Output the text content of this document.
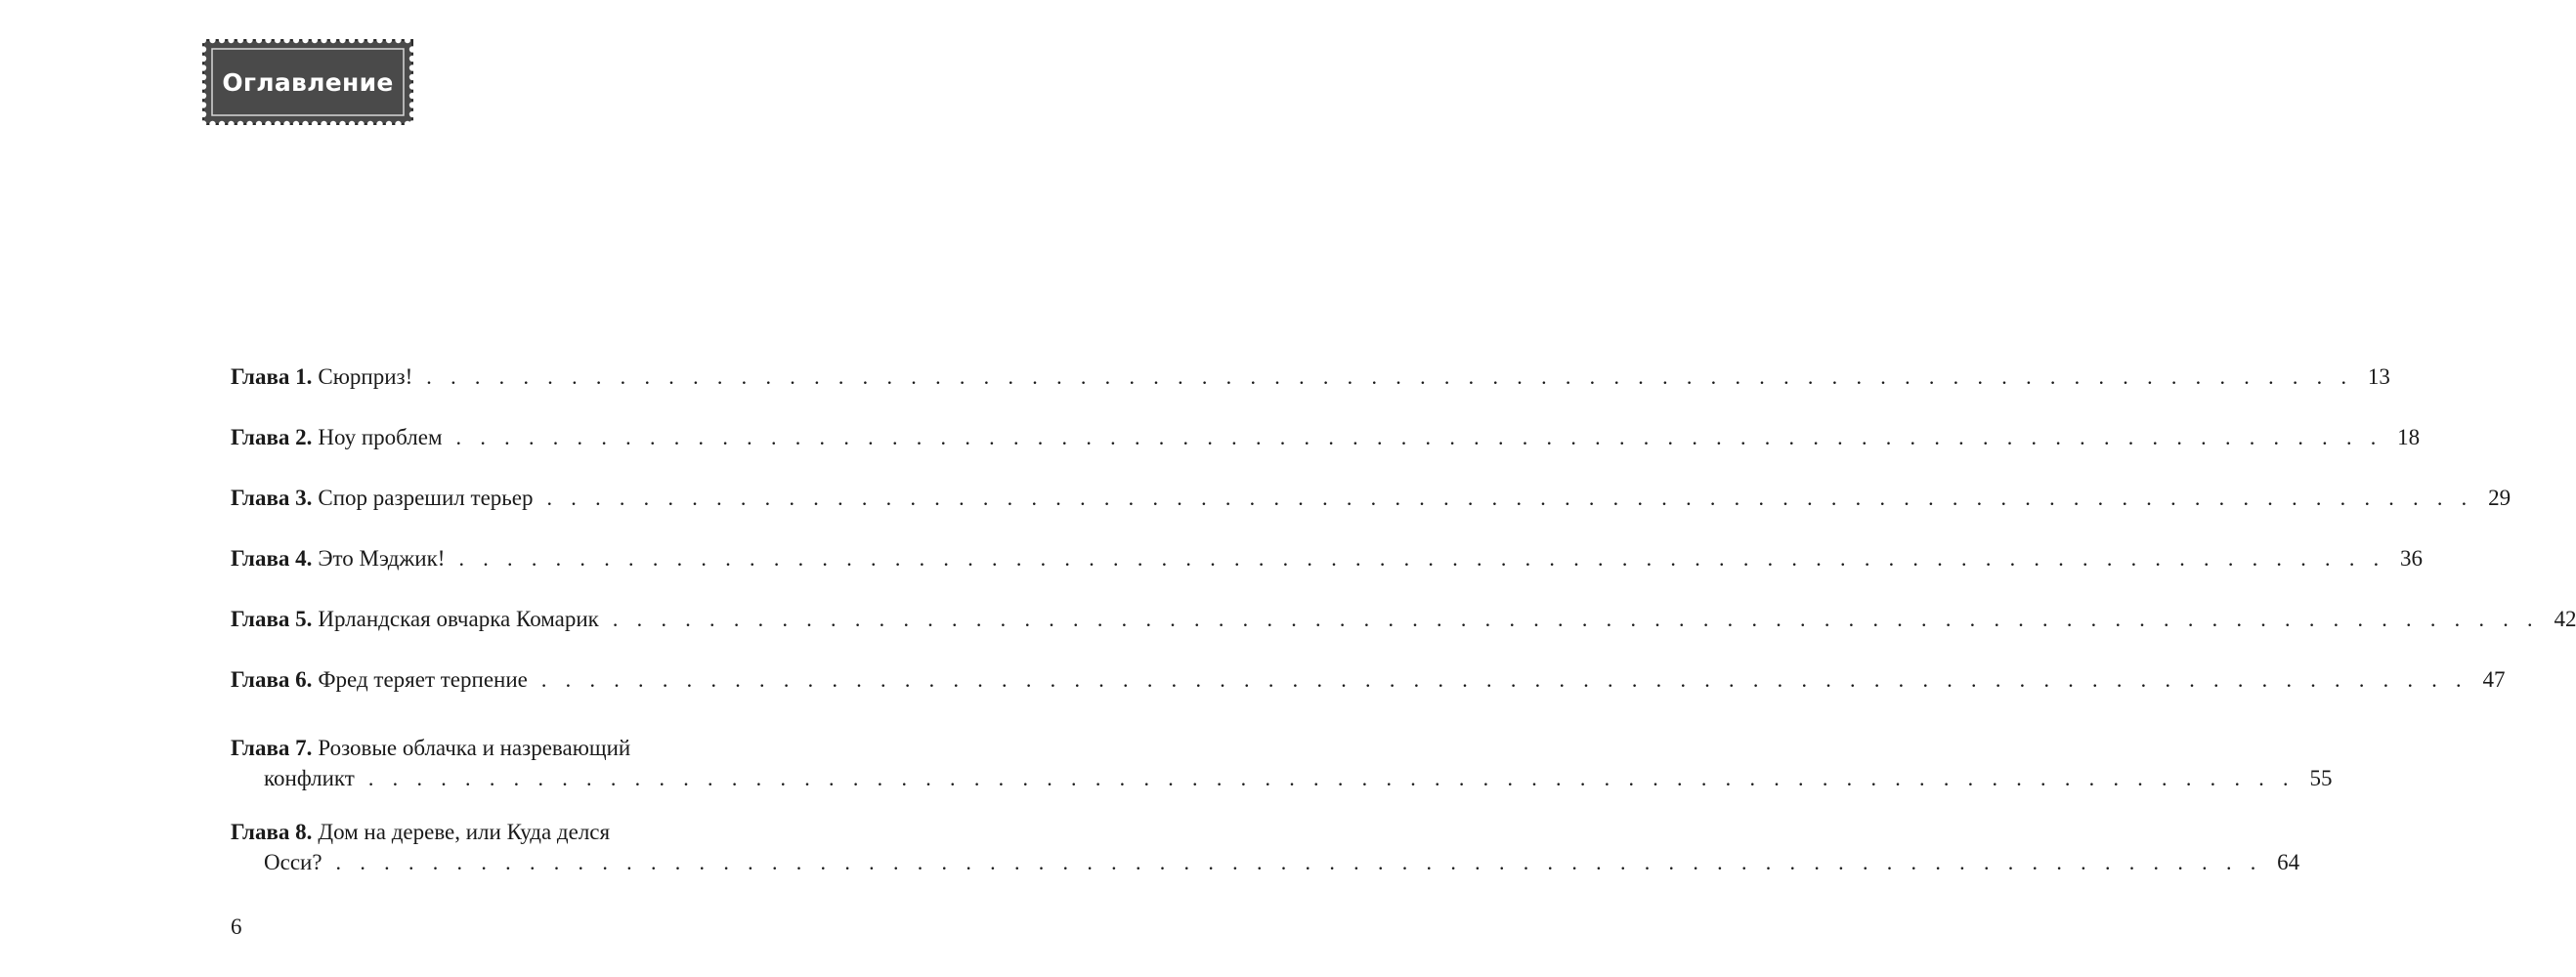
Оглавление
Глава 1. Сюрприз! . . . . . . . . . . . . . . . . . . . . . . . . . . . . . . . . . . . . . . . . . . . . . . . . . . . . . . . . . . . . . . . . . . . . . . . . . . . . . . . . 13
Глава 2. Ноу проблем . . . . . . . . . . . . . . . . . . . . . . . . . . . . . . . . . . . . . . . . . . . . . . . . . . . . . . . . . . . . . . . . . . . . . . . . . . . . . . . . 18
Глава 3. Спор разрешил терьер . . . . . . . . . . . . . . . . . . . . . . . . . . . . . . . . . . . . . . . . . . . . . . . . . . . . . . . . . . . . . . . . . . . . . . . . . . . . . . . . 29
Глава 4. Это Мэджик! . . . . . . . . . . . . . . . . . . . . . . . . . . . . . . . . . . . . . . . . . . . . . . . . . . . . . . . . . . . . . . . . . . . . . . . . . . . . . . . . 36
Глава 5. Ирландская овчарка Комарик . . . . . . . . . . . . . . . . . . . . . . . . . . . . . . . . . . . . . . . . . . . . . . . . . . . . . . . . . . . . . . . . . . . . . . . . . . . . . . . . 42
Глава 6. Фред теряет терпение . . . . . . . . . . . . . . . . . . . . . . . . . . . . . . . . . . . . . . . . . . . . . . . . . . . . . . . . . . . . . . . . . . . . . . . . . . . . . . . . 47
Глава 7. Розовые облачка и назревающий
конфликт . . . . . . . . . . . . . . . . . . . . . . . . . . . . . . . . . . . . . . . . . . . . . . . . . . . . . . . . . . . . . . . . . . . . . . . . . . . . . . . . 55
Глава 8. Дом на дереве, или Куда делся
Осси? . . . . . . . . . . . . . . . . . . . . . . . . . . . . . . . . . . . . . . . . . . . . . . . . . . . . . . . . . . . . . . . . . . . . . . . . . . . . . . . . 64
6
